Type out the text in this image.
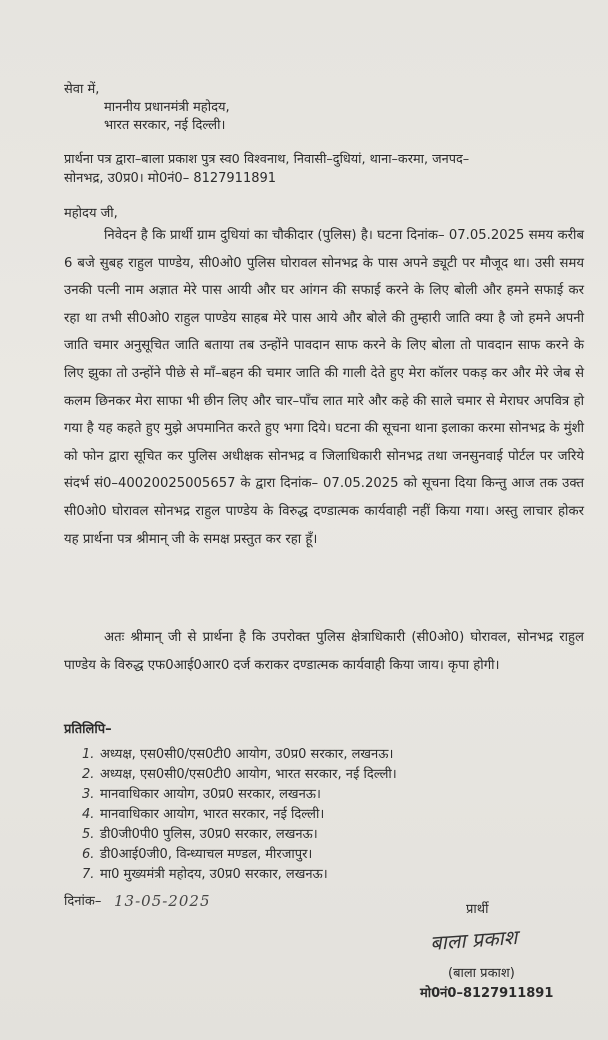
सेवा में,
माननीय प्रधानमंत्री महोदय,
भारत सरकार, नई दिल्ली।
प्रार्थना पत्र द्वारा–बाला प्रकाश पुत्र स्व0 विश्वनाथ, निवासी–दुधियां, थाना–करमा, जनपद–
सोनभद्र, उ0प्र0। मो0नं0– 8127911891
महोदय जी,
निवेदन है कि प्रार्थी ग्राम दुधियां का चौकीदार (पुलिस) है। घटना दिनांक– 07.05.2025 समय करीब 6 बजे सुबह राहुल पाण्डेय, सी0ओ0 पुलिस घोरावल सोनभद्र के पास अपने ड्यूटी पर मौजूद था। उसी समय उनकी पत्नी नाम अज्ञात मेरे पास आयी और घर आंगन की सफाई करने के लिए बोली और हमने सफाई कर रहा था तभी सी0ओ0 राहुल पाण्डेय साहब मेरे पास आये और बोले की तुम्हारी जाति क्या है जो हमने अपनी जाति चमार अनुसूचित जाति बताया तब उन्होंने पावदान साफ करने के लिए बोला तो पावदान साफ करने के लिए झुका तो उन्होंने पीछे से माँ–बहन की चमार जाति की गाली देते हुए मेरा कॉलर पकड़ कर और मेरे जेब से कलम छिनकर मेरा साफा भी छीन लिए और चार–पाँच लात मारे और कहे की साले चमार से मेराघर अपवित्र हो गया है यह कहते हुए मुझे अपमानित करते हुए भगा दिये। घटना की सूचना थाना इलाका करमा सोनभद्र के मुंशी को फोन द्वारा सूचित कर पुलिस अधीक्षक सोनभद्र व जिलाधिकारी सोनभद्र तथा जनसुनवाई पोर्टल पर जरिये संदर्भ सं0–40020025005657 के द्वारा दिनांक– 07.05.2025 को सूचना दिया किन्तु आज तक उक्त सी0ओ0 घोरावल सोनभद्र राहुल पाण्डेय के विरुद्ध दण्डात्मक कार्यवाही नहीं किया गया। अस्तु लाचार होकर यह प्रार्थना पत्र श्रीमान् जी के समक्ष प्रस्तुत कर रहा हूँ।
अतः श्रीमान् जी से प्रार्थना है कि उपरोक्त पुलिस क्षेत्राधिकारी (सी0ओ0) घोरावल, सोनभद्र राहुल पाण्डेय के विरुद्ध एफ0आई0आर0 दर्ज कराकर दण्डात्मक कार्यवाही किया जाय। कृपा होगी।
प्रतिलिपि–
1. अध्यक्ष, एस0सी0/एस0टी0 आयोग, उ0प्र0 सरकार, लखनऊ।
2. अध्यक्ष, एस0सी0/एस0टी0 आयोग, भारत सरकार, नई दिल्ली।
3. मानवाधिकार आयोग, उ0प्र0 सरकार, लखनऊ।
4. मानवाधिकार आयोग, भारत सरकार, नई दिल्ली।
5. डी0जी0पी0 पुलिस, उ0प्र0 सरकार, लखनऊ।
6. डी0आई0जी0, विन्ध्याचल मण्डल, मीरजापुर।
7. मा0 मुख्यमंत्री महोदय, उ0प्र0 सरकार, लखनऊ।
दिनांक– 13-05-2025	प्रार्थी
बाला प्रकाश
(बाला प्रकाश)
मो0नं0–8127911891
